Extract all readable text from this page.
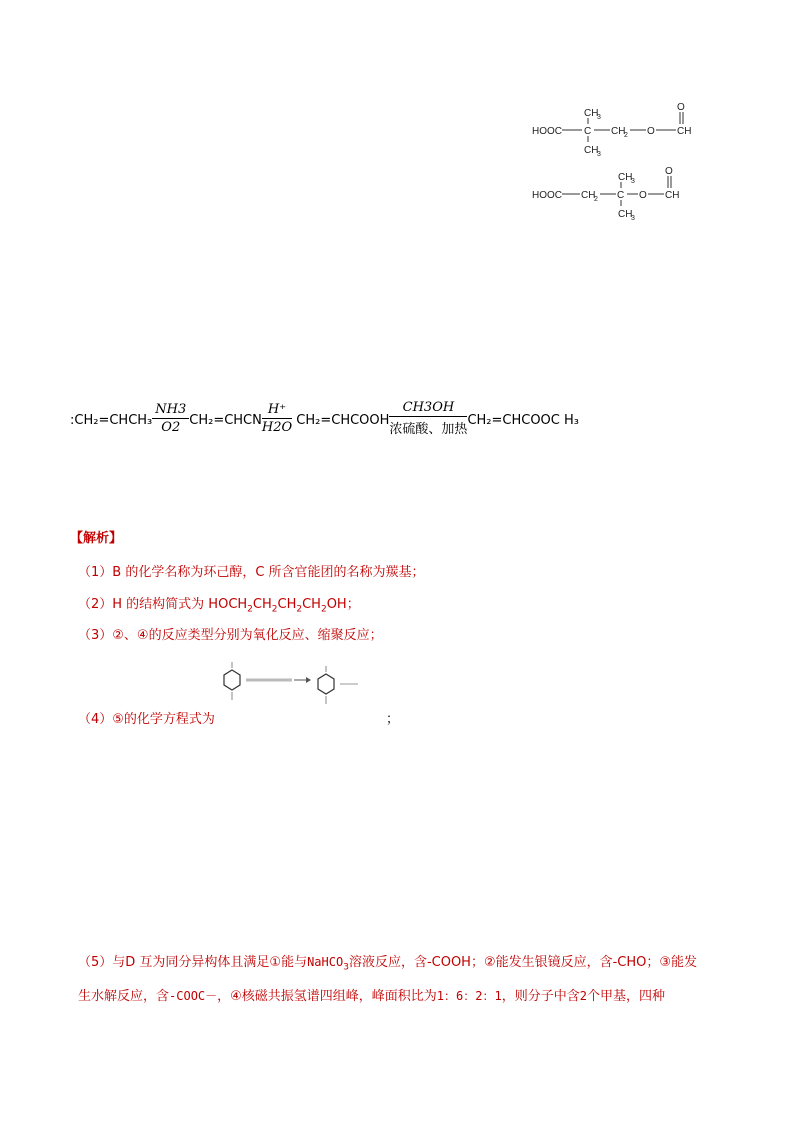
HOOC C
CH
3
CH
3
CH
2 O
O
CH
HOOC CH
2 C
CH
3
CH
3
O
O
CH
:CH₂=CHCH₃ $\frac{NH3}{O2}$ CH₂=CHCN $\frac{H^+}{H2O}$ CH₂=CHCOOH $\frac{CH3OH}{\text{浓硫酸、加热}}$ CH₂=CHCOOC H₃
【解析】
（1）B 的化学名称为环己醇，C 所含官能团的名称为羰基；
（2）H 的结构简式为 $HOCH_2CH_2CH_2CH_2OH$；
（3）②、④的反应类型分别为氧化反应、缩聚反应；
（4）⑤的化学方程式为	；
（5）与D 互为同分异构体且满足①能与NaHCO$_3$溶液反应，含-COOH；②能发生银镜反应，含-CHO；③能发
生水解反应，含-COOC－，④核磁共振氢谱四组峰，峰面积比为1：6：2：1，则分子中含2个甲基，四种
